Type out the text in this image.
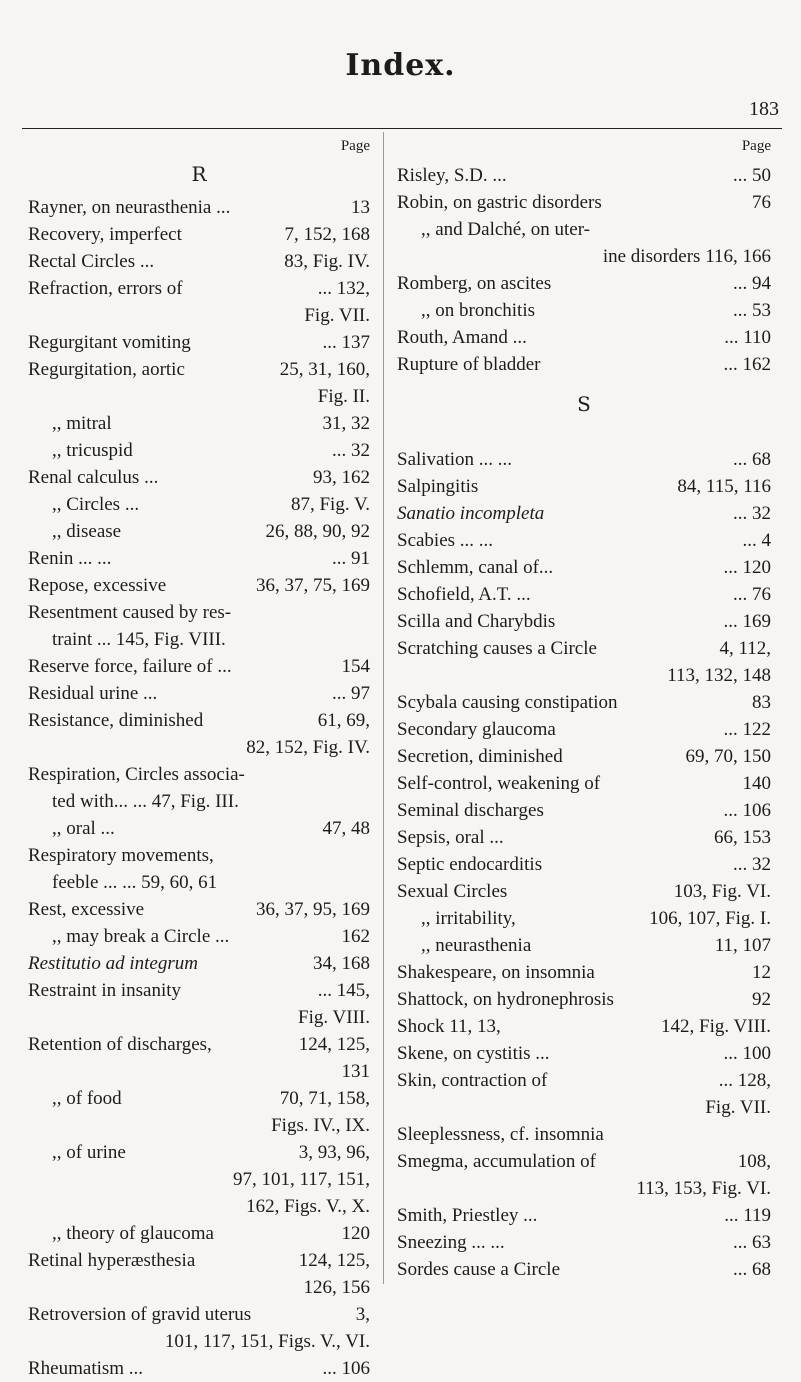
Index.
183
Page
R
Rayner, on neurasthenia ...	13
Recovery, imperfect	7, 152, 168
Rectal Circles ...	83, Fig. IV.
Refraction, errors of	... 132,
Fig. VII.
Regurgitant vomiting	... 137
Regurgitation, aortic	25, 31, 160,
Fig. II.
,, mitral	31, 32
,, tricuspid	... 32
Renal calculus ...	93, 162
,, Circles ...	87, Fig. V.
,, disease	26, 88, 90, 92
Renin ... ...	... 91
Repose, excessive	36, 37, 75, 169
Resentment caused by res-
traint ... 145, Fig. VIII.
Reserve force, failure of ...	154
Residual urine ...	... 97
Resistance, diminished	61, 69,
82, 152, Fig. IV.
Respiration, Circles associa-
ted with... ... 47, Fig. III.
,, oral ...	47, 48
Respiratory movements,
feeble ... ... 59, 60, 61
Rest, excessive	36, 37, 95, 169
,, may break a Circle ...	162
Restitutio ad integrum	34, 168
Restraint in insanity	... 145,
Fig. VIII.
Retention of discharges,	124, 125,
131
,, of food	70, 71, 158,
Figs. IV., IX.
,, of urine	3, 93, 96,
97, 101, 117, 151,
162, Figs. V., X.
,, theory of glaucoma	120
Retinal hyperæsthesia	124, 125,
126, 156
Retroversion of gravid uterus	3,
101, 117, 151, Figs. V., VI.
Rheumatism ...	... 106
Page
Risley, S.D. ...	... 50
Robin, on gastric disorders	76
,, and Dalché, on uter-
ine disorders 116, 166
Romberg, on ascites	... 94
,, on bronchitis	... 53
Routh, Amand ...	... 110
Rupture of bladder	... 162
S
Salivation ... ...	... 68
Salpingitis	84, 115, 116
Sanatio incompleta	... 32
Scabies ... ...	... 4
Schlemm, canal of...	... 120
Schofield, A.T. ...	... 76
Scilla and Charybdis	... 169
Scratching causes a Circle	4, 112,
113, 132, 148
Scybala causing constipation	83
Secondary glaucoma	... 122
Secretion, diminished	69, 70, 150
Self-control, weakening of	140
Seminal discharges	... 106
Sepsis, oral ...	66, 153
Septic endocarditis	... 32
Sexual Circles	103, Fig. VI.
,, irritability,	106, 107, Fig. I.
,, neurasthenia	11, 107
Shakespeare, on insomnia	12
Shattock, on hydronephrosis	92
Shock 11, 13,	142, Fig. VIII.
Skene, on cystitis ...	... 100
Skin, contraction of	... 128,
Fig. VII.
Sleeplessness, cf. insomnia
Smegma, accumulation of	108,
113, 153, Fig. VI.
Smith, Priestley ...	... 119
Sneezing ... ...	... 63
Sordes cause a Circle	... 68
